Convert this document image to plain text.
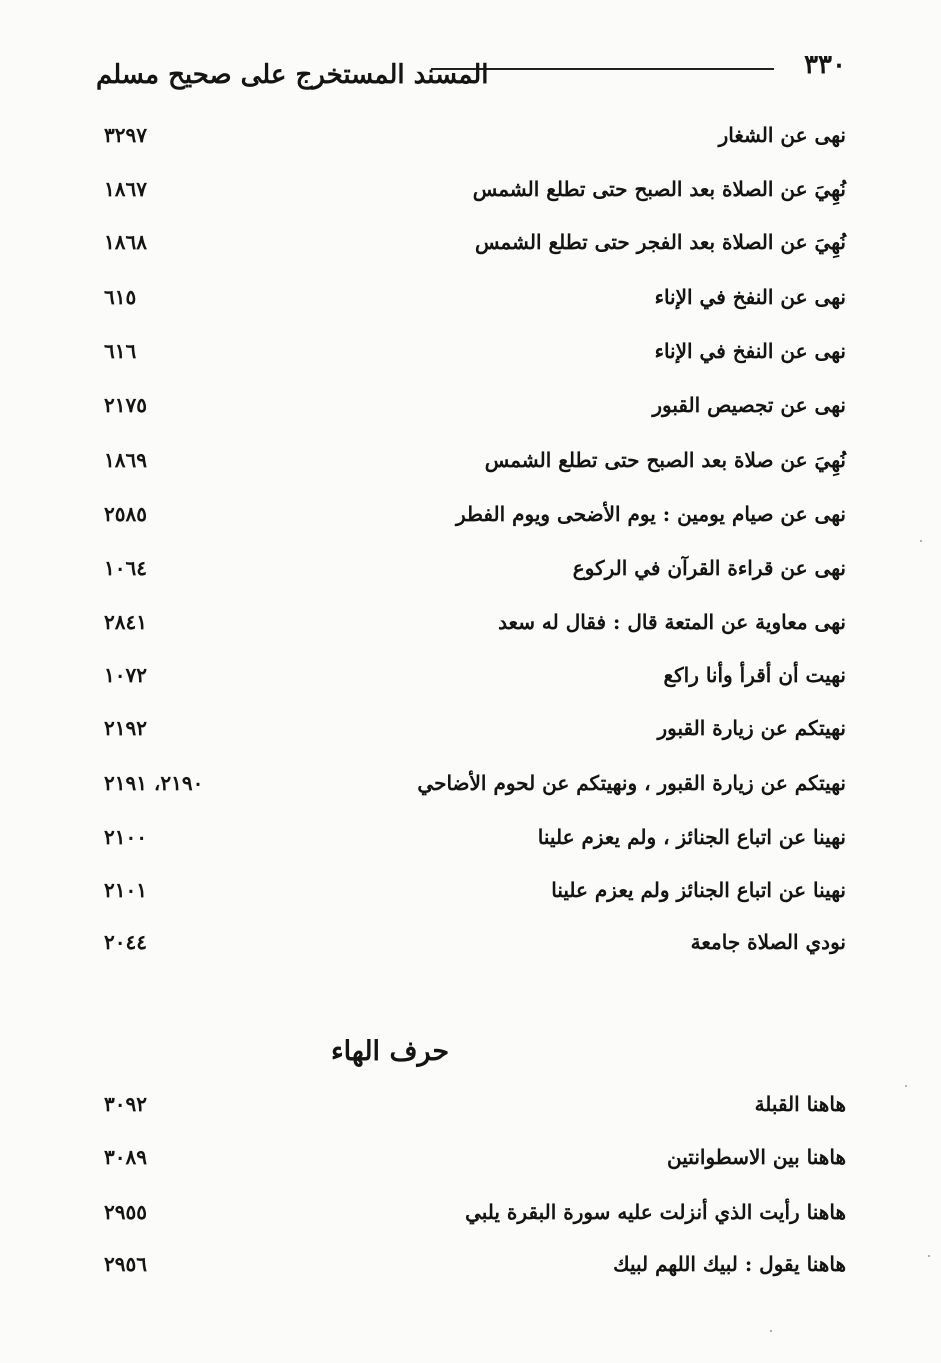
٣٣٠
المسند المستخرج على صحيح مسلم
نهى عن الشغار
٣٢٩٧
نُهِيَ عن الصلاة بعد الصبح حتى تطلع الشمس
١٨٦٧
نُهِيَ عن الصلاة بعد الفجر حتى تطلع الشمس
١٨٦٨
نهى عن النفخ في الإناء
٦١٥
نهى عن النفخ في الإناء
٦١٦
نهى عن تجصيص القبور
٢١٧٥
نُهِيَ عن صلاة بعد الصبح حتى تطلع الشمس
١٨٦٩
نهى عن صيام يومين : يوم الأضحى ويوم الفطر
٢٥٨٥
نهى عن قراءة القرآن في الركوع
١٠٦٤
نهى معاوية عن المتعة قال : فقال له سعد
٢٨٤١
نهيت أن أقرأ وأنا راكع
١٠٧٢
نهيتكم عن زيارة القبور
٢١٩٢
نهيتكم عن زيارة القبور ، ونهيتكم عن لحوم الأضاحي
٢١٩٠، ٢١٩١
نهينا عن اتباع الجنائز ، ولم يعزم علينا
٢١٠٠
نهينا عن اتباع الجنائز ولم يعزم علينا
٢١٠١
نودي الصلاة جامعة
٢٠٤٤
حرف الهاء
هاهنا القبلة
٣٠٩٢
هاهنا بين الاسطوانتين
٣٠٨٩
هاهنا رأيت الذي أنزلت عليه سورة البقرة يلبي
٢٩٥٥
هاهنا يقول : لبيك اللهم لبيك
٢٩٥٦
